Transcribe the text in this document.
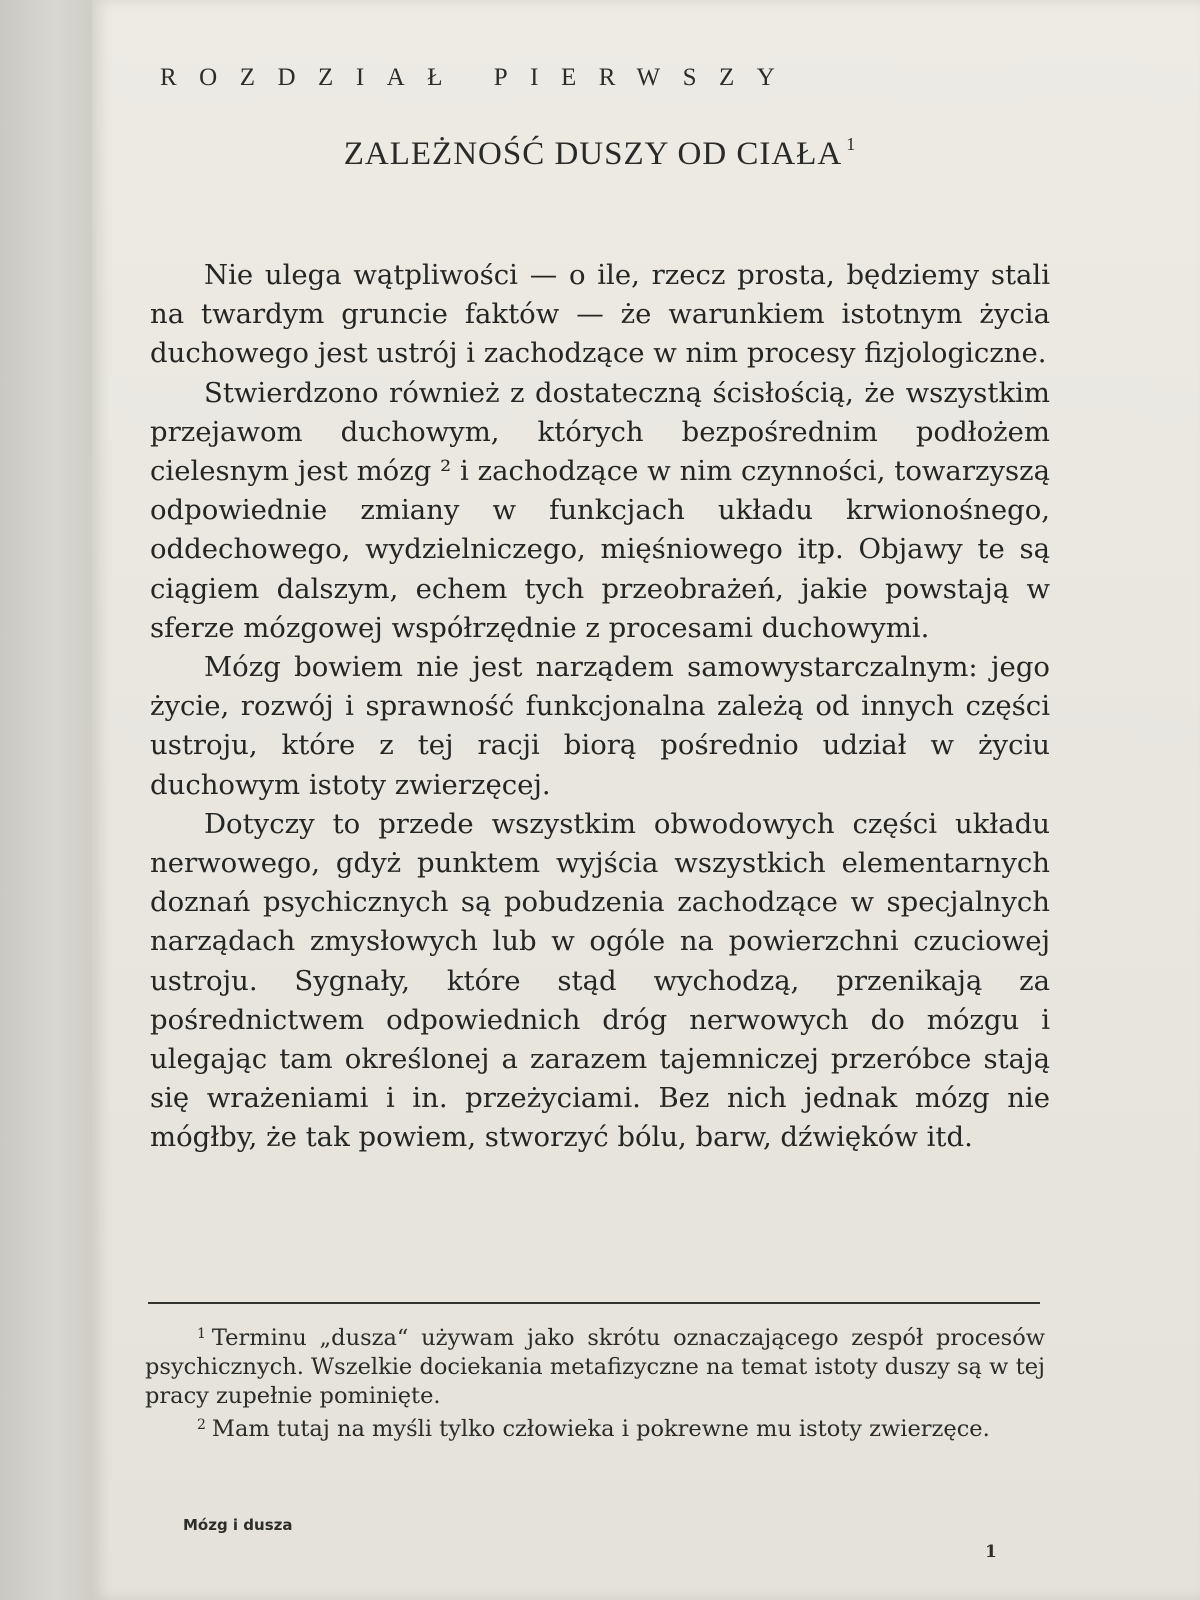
ROZDZIAŁ PIERWSZY
ZALEŻNOŚĆ DUSZY OD CIAŁA $^1$

Nie ulega wątpliwości — o ile, rzecz prosta, będziemy stali na twardym gruncie faktów — że warunkiem istotnym życia duchowego jest ustrój i zachodzące w nim procesy fizjologiczne.

Stwierdzono również z dostateczną ścisłością, że wszystkim przejawom duchowym, których bezpośrednim podłożem cielesnym jest mózg ² i zachodzące w nim czynności, towarzyszą odpowiednie zmiany w funkcjach układu krwionośnego, oddechowego, wydzielniczego, mięśniowego itp. Objawy te są ciągiem dalszym, echem tych przeobrażeń, jakie powstają w sferze mózgowej współrzędnie z procesami duchowymi.

Mózg bowiem nie jest narządem samowystarczalnym: jego życie, rozwój i sprawność funkcjonalna zależą od innych części ustroju, które z tej racji biorą pośrednio udział w życiu duchowym istoty zwierzęcej.

Dotyczy to przede wszystkim obwodowych części układu nerwowego, gdyż punktem wyjścia wszystkich elementarnych doznań psychicznych są pobudzenia zachodzące w specjalnych narządach zmysłowych lub w ogóle na powierzchni czuciowej ustroju. Sygnały, które stąd wychodzą, przenikają za pośrednictwem odpowiednich dróg nerwowych do mózgu i ulegając tam określonej a zarazem tajemniczej przeróbce stają się wrażeniami i in. przeżyciami. Bez nich jednak mózg nie mógłby, że tak powiem, stworzyć bólu, barw, dźwięków itd.

$^1$ Terminu „dusza“ używam jako skrótu oznaczającego zespół procesów psychicznych. Wszelkie dociekania metafizyczne na temat istoty duszy są w tej pracy zupełnie pominięte.

$^2$ Mam tutaj na myśli tylko człowieka i pokrewne mu istoty zwierzęce.

Mózg i dusza
1
